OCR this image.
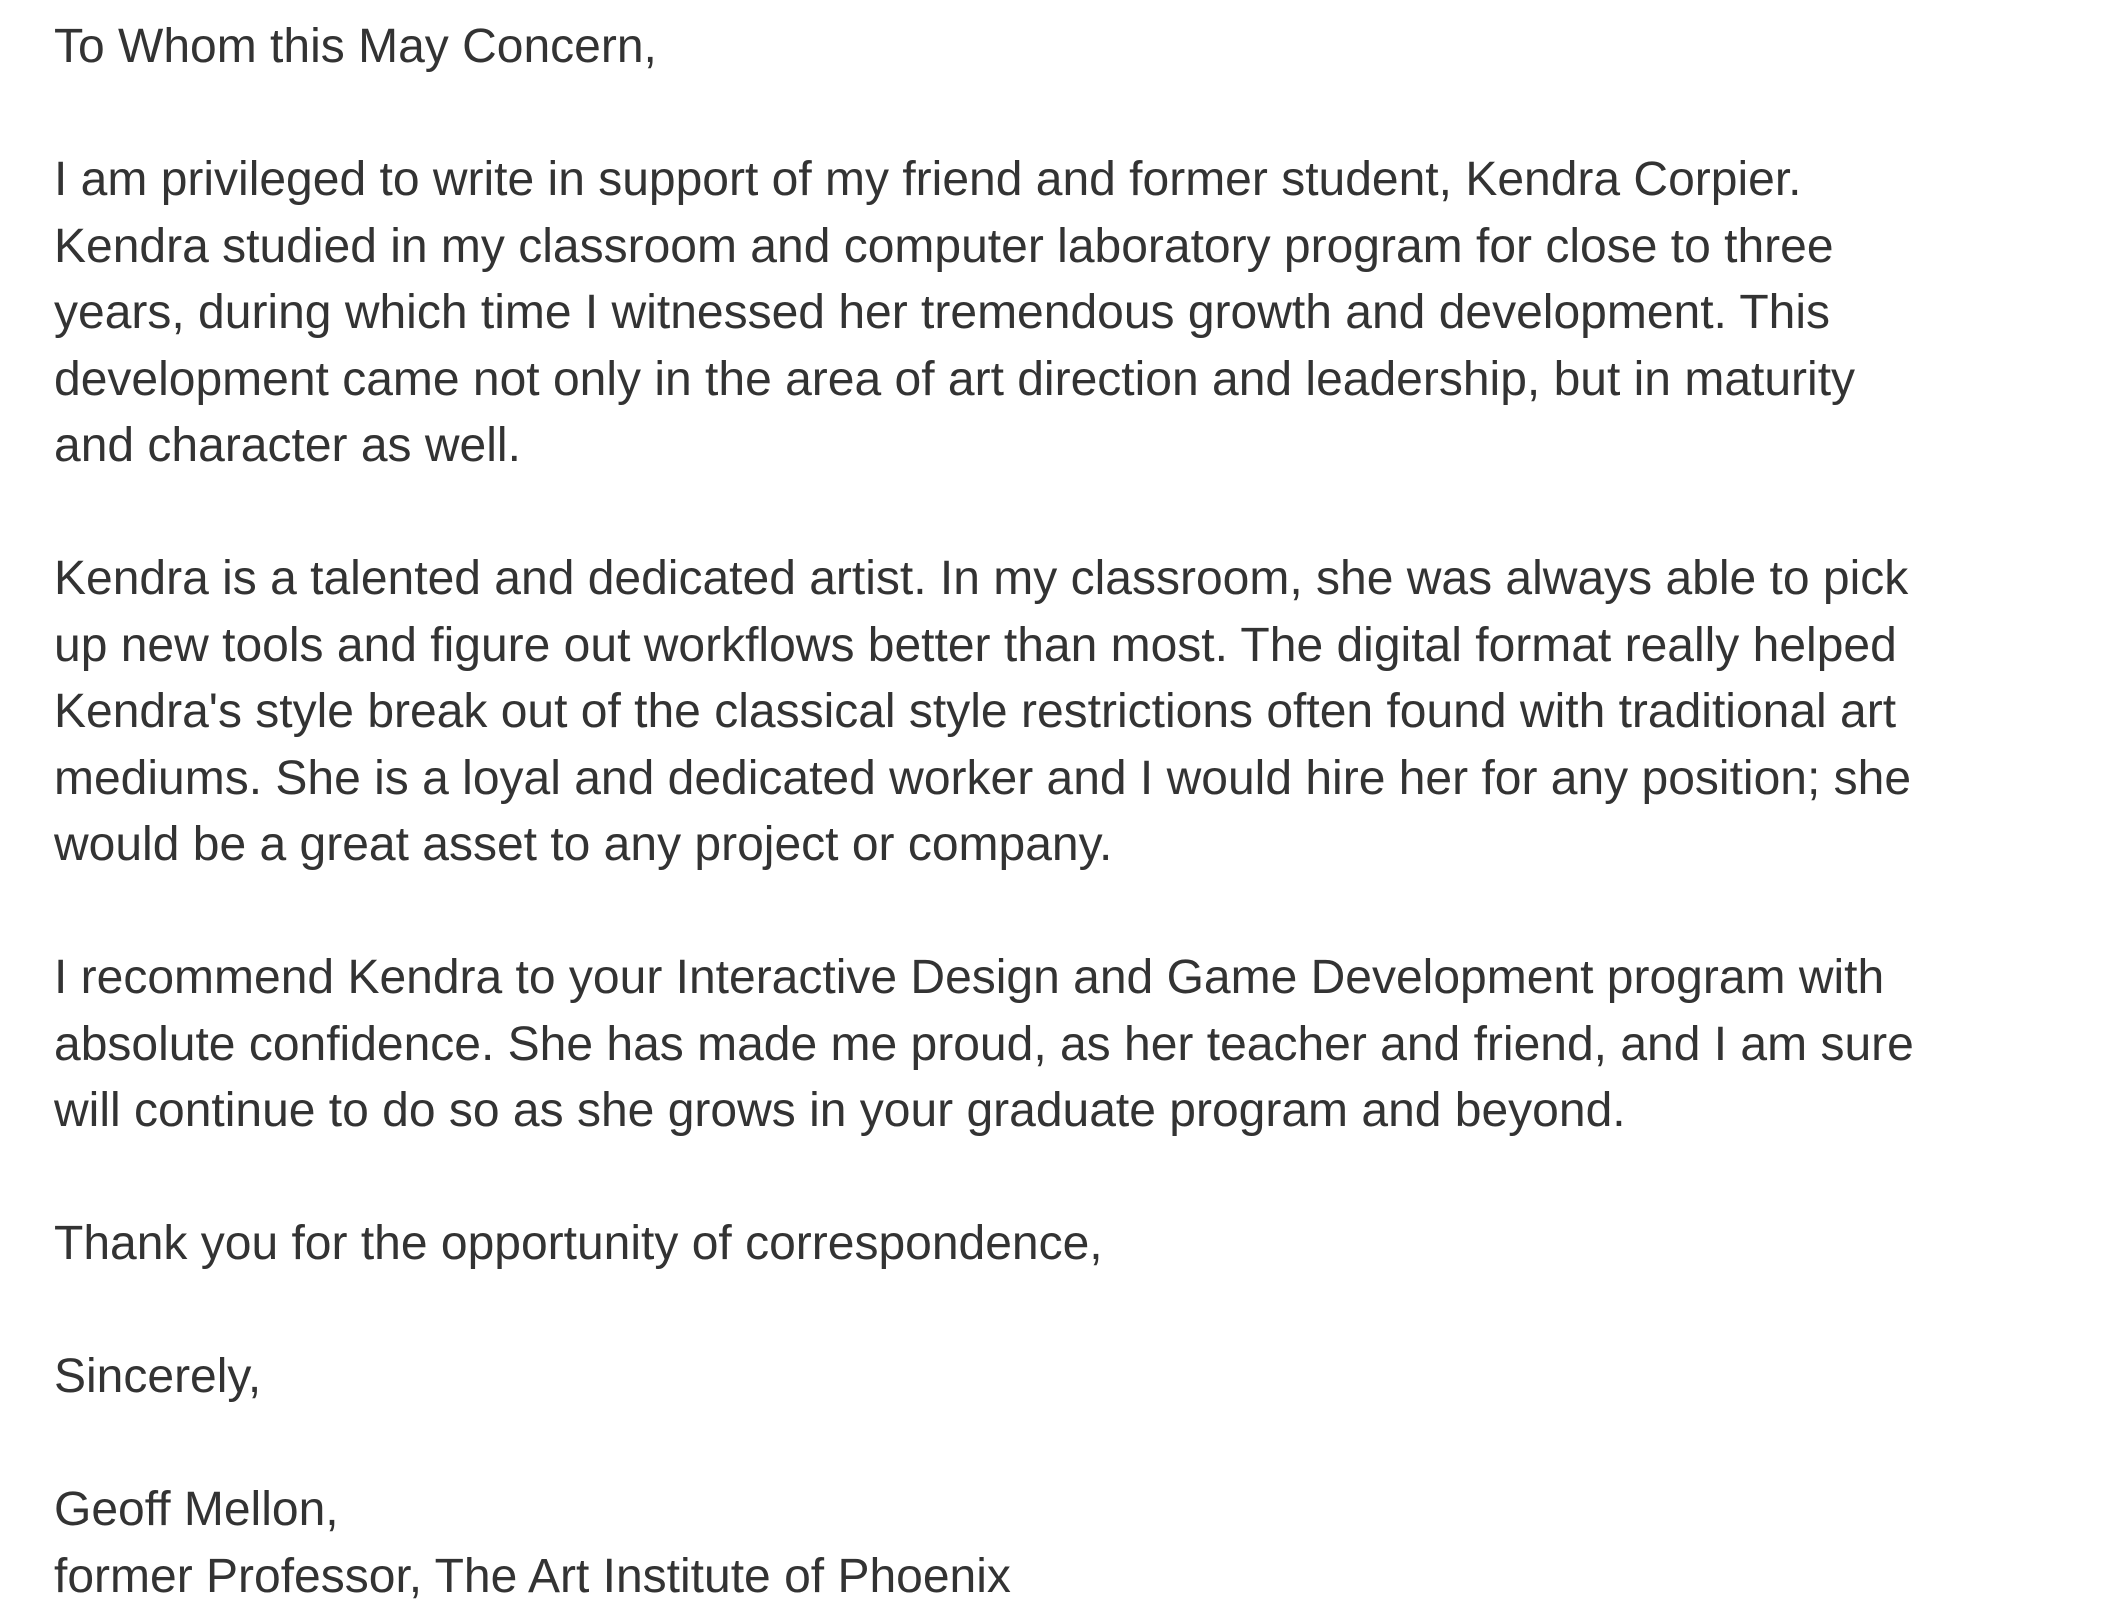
To Whom this May Concern,

I am privileged to write in support of my friend and former student, Kendra Corpier.
Kendra studied in my classroom and computer laboratory program for close to three
years, during which time I witnessed her tremendous growth and development. This
development came not only in the area of art direction and leadership, but in maturity
and character as well.

Kendra is a talented and dedicated artist. In my classroom, she was always able to pick
up new tools and figure out workflows better than most. The digital format really helped
Kendra's style break out of the classical style restrictions often found with traditional art
mediums. She is a loyal and dedicated worker and I would hire her for any position; she
would be a great asset to any project or company.

I recommend Kendra to your Interactive Design and Game Development program with
absolute confidence. She has made me proud, as her teacher and friend, and I am sure
will continue to do so as she grows in your graduate program and beyond.

Thank you for the opportunity of correspondence,

Sincerely,

Geoff Mellon,

former Professor, The Art Institute of Phoenix
